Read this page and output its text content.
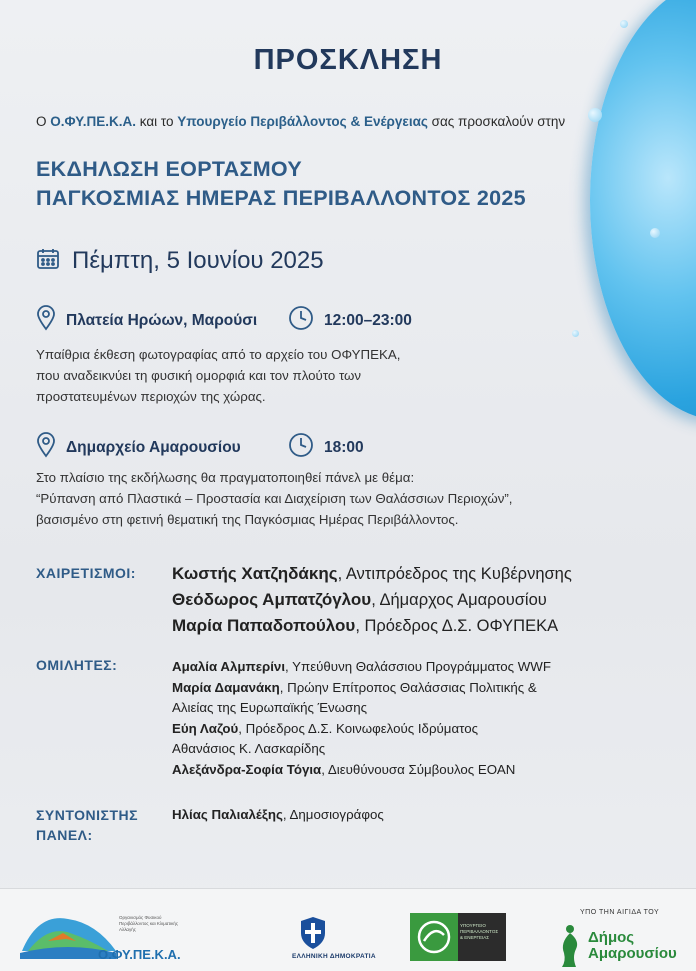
ΠΡΟΣΚΛΗΣΗ
Ο Ο.ΦΥ.ΠΕ.Κ.Α. και το Υπουργείο Περιβάλλοντος & Ενέργειας σας προσκαλούν στην
ΕΚΔΗΛΩΣΗ ΕΟΡΤΑΣΜΟΥ
ΠΑΓΚΟΣΜΙΑΣ ΗΜΕΡΑΣ ΠΕΡΙΒΑΛΛΟΝΤΟΣ 2025
Πέμπτη, 5 Ιουνίου 2025
Πλατεία Ηρώων, Μαρούσι	12:00–23:00
Υπαίθρια έκθεση φωτογραφίας από το αρχείο του ΟΦΥΠΕΚΑ,
που αναδεικνύει τη φυσική ομορφιά και τον πλούτο των
προστατευμένων περιοχών της χώρας.
Δημαρχείο Αμαρουσίου	18:00
Στο πλαίσιο της εκδήλωσης θα πραγματοποιηθεί πάνελ με θέμα:
“Ρύπανση από Πλαστικά – Προστασία και Διαχείριση των Θαλάσσιων Περιοχών”,
βασισμένο στη φετινή θεματική της Παγκόσμιας Ημέρας Περιβάλλοντος.
ΧΑΙΡΕΤΙΣΜΟΙ:	Κωστής Χατζηδάκης, Αντιπρόεδρος της Κυβέρνησης
Θεόδωρος Αμπατζόγλου, Δήμαρχος Αμαρουσίου
Μαρία Παπαδοπούλου, Πρόεδρος Δ.Σ. ΟΦΥΠΕΚΑ
ΟΜΙΛΗΤΕΣ:	Αμαλία Αλμπερίνι, Υπεύθυνη Θαλάσσιου Προγράμματος WWF
Μαρία Δαμανάκη, Πρώην Επίτροπος Θαλάσσιας Πολιτικής &
Αλιείας της Ευρωπαϊκής Ένωσης
Εύη Λαζού, Πρόεδρος Δ.Σ. Κοινωφελούς Ιδρύματος
Αθανάσιος Κ. Λασκαρίδης
Αλεξάνδρα-Σοφία Τόγια, Διευθύνουσα Σύμβουλος ΕΟΑΝ
ΣΥΝΤΟΝΙΣΤΗΣ
ΠΑΝΕΛ:
Ηλίας Παλιαλέξης, Δημοσιογράφος
Οργανισμός Φυσικού Περιβάλλοντος και Κλιματικής Αλλαγής
Ο.ΦΥ.ΠΕ.Κ.Α.	ΕΛΛΗΝΙΚΗ ΔΗΜΟΚΡΑΤΙΑ
ΥΠΟΥΡΓΕΙΟ ΠΕΡΙΒΑΛΛΟΝΤΟΣ & ΕΝΕΡΓΕΙΑΣ
ΥΠΟ ΤΗΝ ΑΙΓΙΔΑ ΤΟΥ
Δήμος
Αμαρουσίου
